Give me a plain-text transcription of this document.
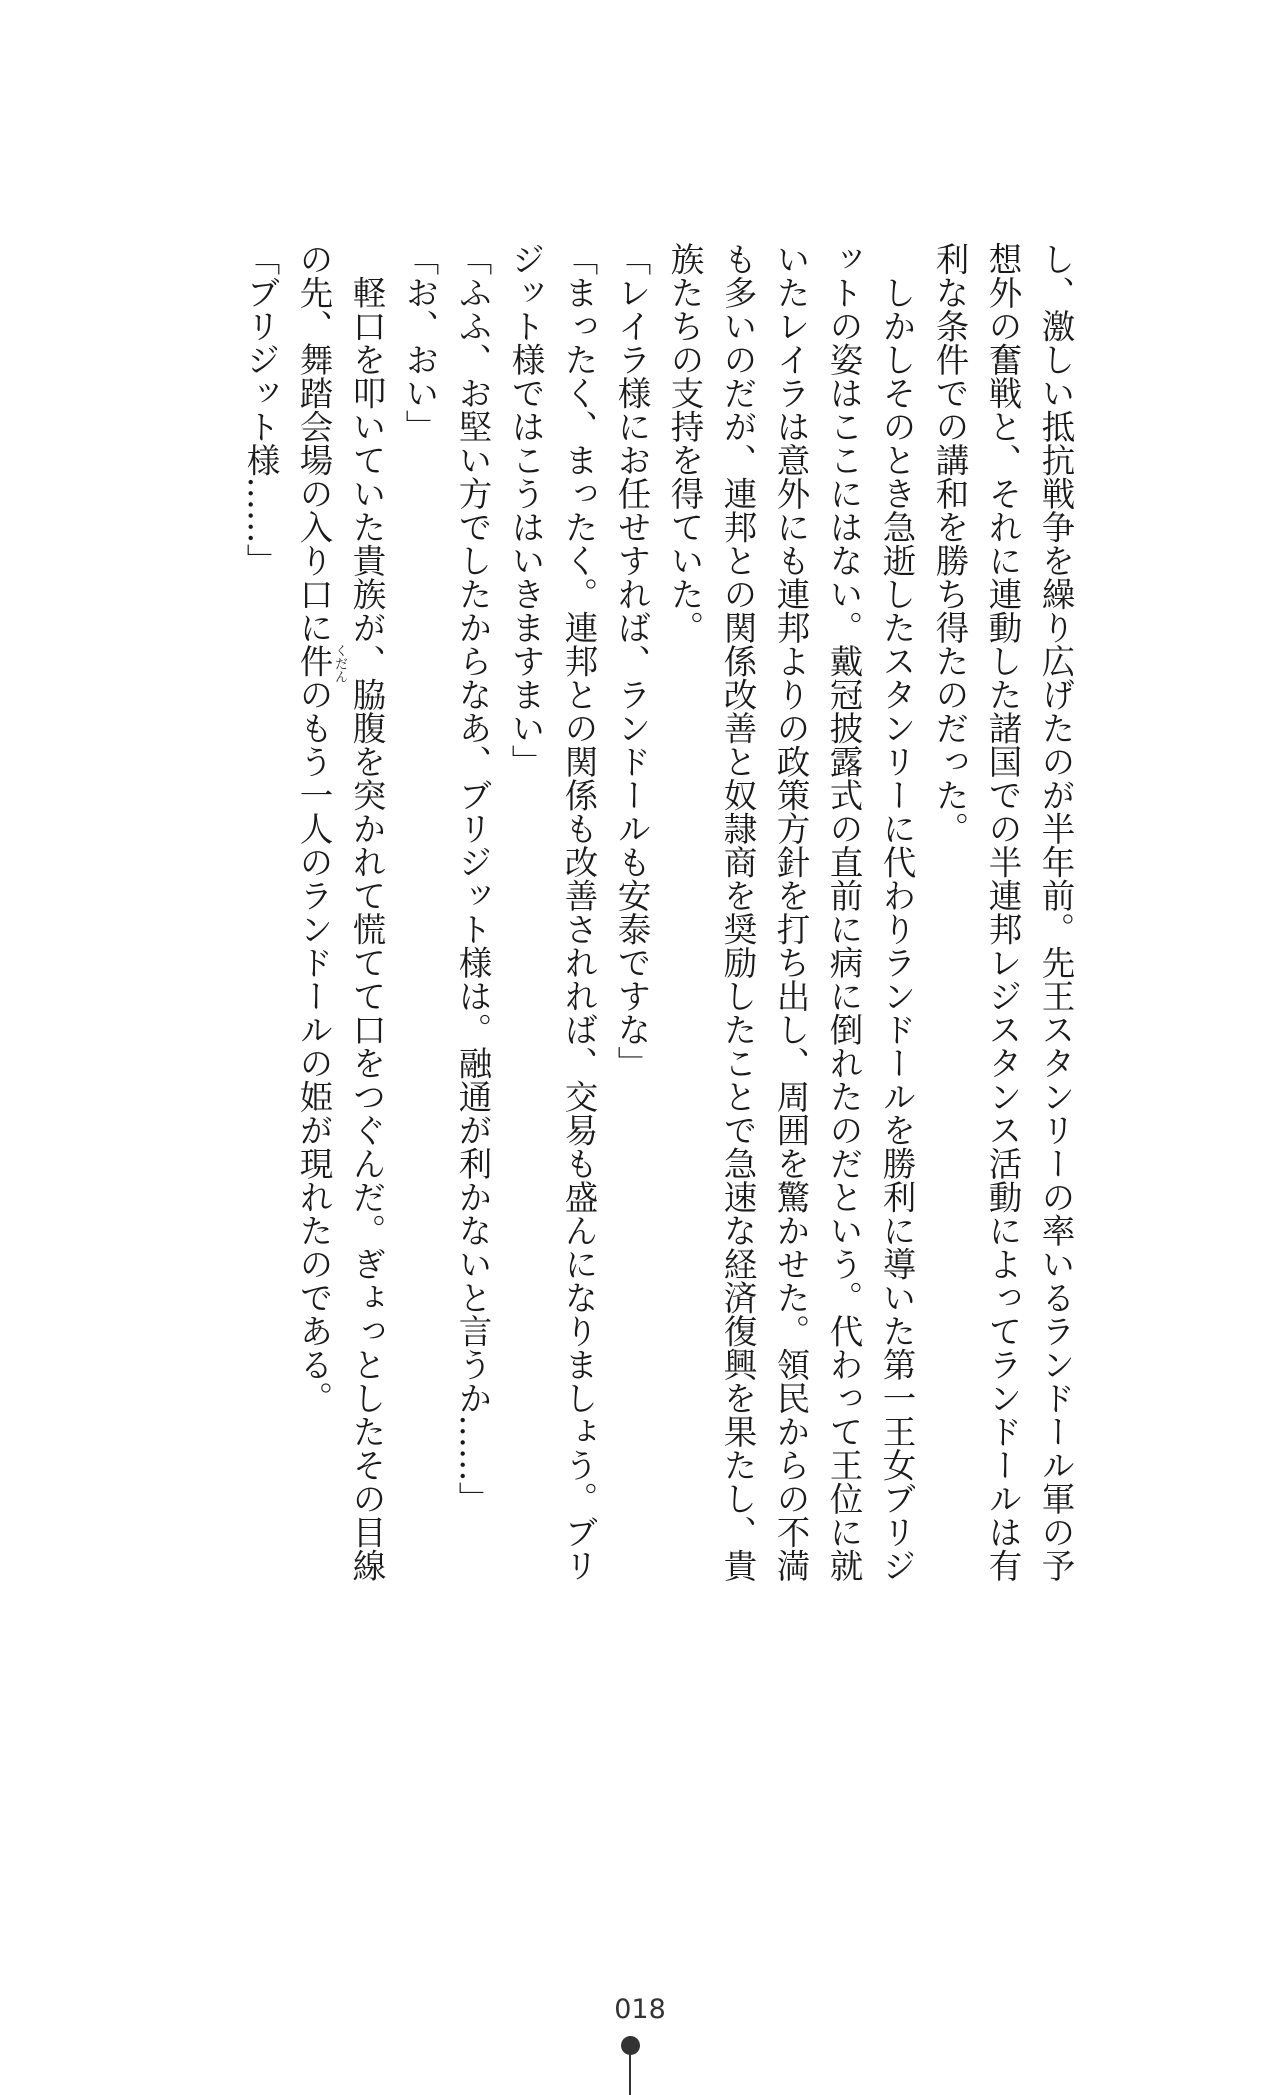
し、激しい抵抗戦争を繰り広げたのが半年前。先王スタンリーの率いるランドール軍の予

想外の奮戦と、それに連動した諸国での半連邦レジスタンス活動によってランドールは有

利な条件での講和を勝ち得たのだった。

　しかしそのとき急逝したスタンリーに代わりランドールを勝利に導いた第一王女ブリジ

ットの姿はここにはない。戴冠披露式の直前に病に倒れたのだという。代わって王位に就

いたレイラは意外にも連邦よりの政策方針を打ち出し、周囲を驚かせた。領民からの不満

も多いのだが、連邦との関係改善と奴隷商を奨励したことで急速な経済復興を果たし、貴

族たちの支持を得ていた。

「レイラ様にお任せすれば、ランドールも安泰ですな」

「まったく、まったく。連邦との関係も改善されれば、交易も盛んになりましょう。ブリ

ジット様ではこうはいきますまい」

「ふふ、お堅い方でしたからなあ、ブリジット様は。融通が利かないと言うか……」

「お、おい」

　軽口を叩いていた貴族が、脇腹を突かれて慌てて口をつぐんだ。ぎょっとしたその目線

の先、舞踏会場の入り口に件 くだん
のもう一人のランドールの姫が現れたのである。

「ブリジット様……」

018
